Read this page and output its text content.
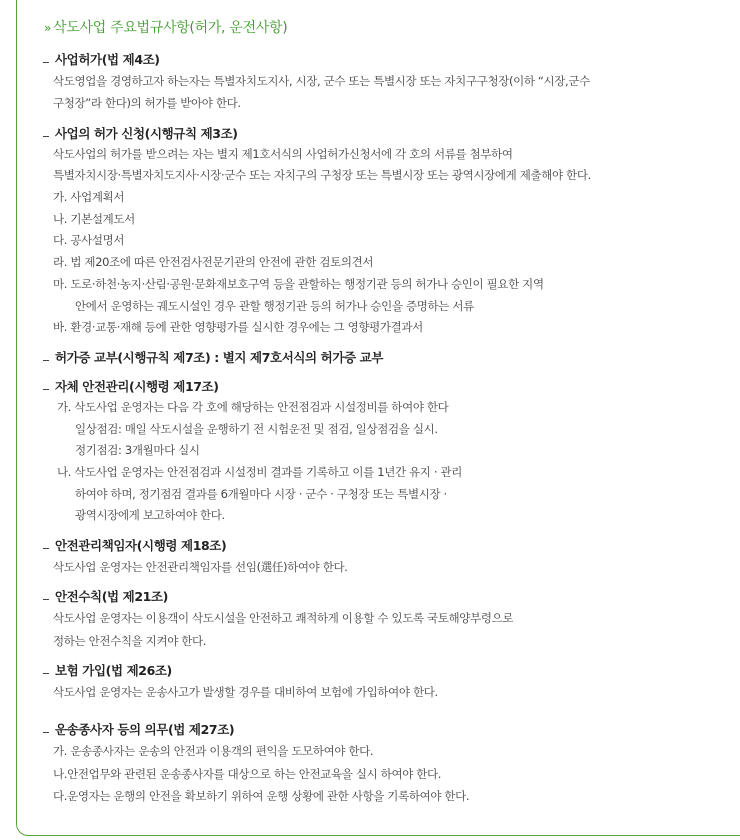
» 삭도사업 주요법규사항(허가, 운전사항)
사업허가(법 제4조)
삭도영업을 경영하고자 하는자는 특별자치도지사, 시장, 군수 또는 특별시장 또는 자치구구청장(이하 “시장,군수
구청장”라 한다)의 허가를 받아야 한다.
사업의 허가 신청(시행규칙 제3조)
삭도사업의 허가를 받으려는 자는 별지 제1호서식의 사업허가신청서에 각 호의 서류를 첨부하여
특별자치시장·특별자치도지사·시장·군수 또는 자치구의 구청장 또는 특별시장 또는 광역시장에게 제출해야 한다.
가. 사업계획서
나. 기본설계도서
다. 공사설명서
라. 법 제20조에 따른 안전검사전문기관의 안전에 관한 검토의견서
마. 도로·하천·농지·산림·공원·문화재보호구역 등을 관할하는 행정기관 등의 허가나 승인이 필요한 지역
안에서 운영하는 궤도시설인 경우 관할 행정기관 등의 허가나 승인을 증명하는 서류
바. 환경·교통·재해 등에 관한 영향평가를 실시한 경우에는 그 영향평가결과서
허가증 교부(시행규칙 제7조) : 별지 제7호서식의 허가증 교부
자체 안전관리(시행령 제17조)
가. 삭도사업 운영자는 다음 각 호에 해당하는 안전점검과 시설정비를 하여야 한다
일상점검: 매일 삭도시설을 운행하기 전 시험운전 및 점검, 일상점검을 실시.
정기점검: 3개월마다 실시
나. 삭도사업 운영자는 안전점검과 시설정비 결과를 기록하고 이를 1년간 유지 · 관리
하여야 하며, 정기점검 결과를 6개월마다 시장 · 군수 · 구청장 또는 특별시장 ·
광역시장에게 보고하여야 한다.
안전관리책임자(시행령 제18조)
삭도사업 운영자는 안전관리책임자를 선임(選任)하여야 한다.
안전수칙(법 제21조)
삭도사업 운영자는 이용객이 삭도시설을 안전하고 쾌적하게 이용할 수 있도록 국토해양부령으로
정하는 안전수칙을 지켜야 한다.
보험 가입(법 제26조)
삭도사업 운영자는 운송사고가 발생할 경우를 대비하여 보험에 가입하여야 한다.
운송종사자 등의 의무(법 제27조)
가. 운송종사자는 운송의 안전과 이용객의 편익을 도모하여야 한다.
나.안전업무와 관련된 운송종사자를 대상으로 하는 안전교육을 실시 하여야 한다.
다.운영자는 운행의 안전을 확보하기 위하여 운행 상황에 관한 사항을 기록하여야 한다.
